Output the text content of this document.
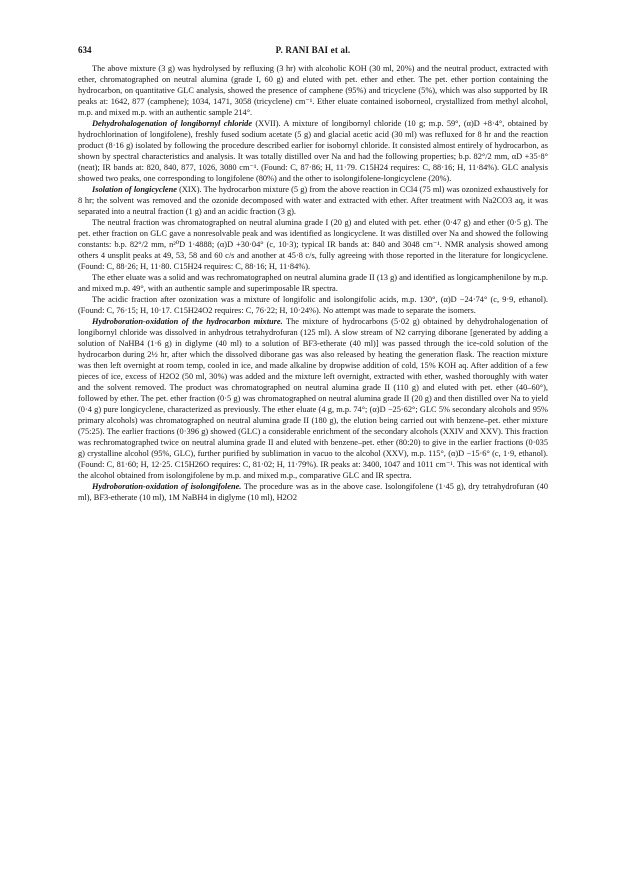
634	P. RANI BAI et al.

The above mixture (3 g) was hydrolysed by refluxing (3 hr) with alcoholic KOH (30 ml, 20%) and the neutral product, extracted with ether, chromatographed on neutral alumina (grade I, 60 g) and eluted with pet. ether and ether. The pet. ether portion containing the hydrocarbon, on quantitative GLC analysis, showed the presence of camphene (95%) and tricyclene (5%), which was also supported by IR peaks at: 1642, 877 (camphene); 1034, 1471, 3058 (tricyclene) cm⁻¹. Ether eluate contained isoborneol, crystallized from methyl alcohol, m.p. and mixed m.p. with an authentic sample 214°.

Dehydrohalogenation of longibornyl chloride (XVII). A mixture of longibornyl chloride (10 g; m.p. 59°, (α)D +8·4°, obtained by hydrochlorination of longifolene), freshly fused sodium acetate (5 g) and glacial acetic acid (30 ml) was refluxed for 8 hr and the reaction product (8·16 g) isolated by following the procedure described earlier for isobornyl chloride. It consisted almost entirely of hydrocarbon, as shown by spectral characteristics and analysis. It was totally distilled over Na and had the following properties; b.p. 82°/2 mm, αD +35·8° (neat); IR bands at: 820, 840, 877, 1026, 3080 cm⁻¹. (Found: C, 87·86; H, 11·79. C15H24 requires: C, 88·16; H, 11·84%). GLC analysis showed two peaks, one corresponding to longifolene (80%) and the other to isolongifolene-longicyclene (20%).

Isolation of longicyclene (XIX). The hydrocarbon mixture (5 g) from the above reaction in CCl4 (75 ml) was ozonized exhaustively for 8 hr; the solvent was removed and the ozonide decomposed with water and extracted with ether. After treatment with Na2CO3 aq, it was separated into a neutral fraction (1 g) and an acidic fraction (3 g).

The neutral fraction was chromatographed on neutral alumina grade I (20 g) and eluted with pet. ether (0·47 g) and ether (0·5 g). The pet. ether fraction on GLC gave a nonresolvable peak and was identified as longicyclene. It was distilled over Na and showed the following constants: b.p. 82°/2 mm, n²⁰D 1·4888; (α)D +30·04° (c, 10·3); typical IR bands at: 840 and 3048 cm⁻¹. NMR analysis showed among others 4 unsplit peaks at 49, 53, 58 and 60 c/s and another at 45·8 c/s, fully agreeing with those reported in the literature for longicyclene. (Found: C, 88·26; H, 11·80. C15H24 requires: C, 88·16; H, 11·84%).

The ether eluate was a solid and was rechromatographed on neutral alumina grade II (13 g) and identified as longicamphenilone by m.p. and mixed m.p. 49°, with an authentic sample and superimposable IR spectra.

The acidic fraction after ozonization was a mixture of longifolic and isolongifolic acids, m.p. 130°, (α)D −24·74° (c, 9·9, ethanol). (Found: C, 76·15; H, 10·17. C15H24O2 requires: C, 76·22; H, 10·24%). No attempt was made to separate the isomers.

Hydroboration-oxidation of the hydrocarbon mixture. The mixture of hydrocarbons (5·02 g) obtained by dehydrohalogenation of longibornyl chloride was dissolved in anhydrous tetrahydrofuran (125 ml). A slow stream of N2 carrying diborane [generated by adding a solution of NaHB4 (1·6 g) in diglyme (40 ml) to a solution of BF3-etherate (40 ml)] was passed through the ice-cold solution of the hydrocarbon during 2½ hr, after which the dissolved diborane gas was also released by heating the generation flask. The reaction mixture was then left overnight at room temp, cooled in ice, and made alkaline by dropwise addition of cold, 15% KOH aq. After addition of a few pieces of ice, excess of H2O2 (50 ml, 30%) was added and the mixture left overnight, extracted with ether, washed thoroughly with water and the solvent removed. The product was chromatographed on neutral alumina grade II (110 g) and eluted with pet. ether (40–60°), followed by ether. The pet. ether fraction (0·5 g) was chromatographed on neutral alumina grade II (20 g) and then distilled over Na to yield (0·4 g) pure longicyclene, characterized as previously. The ether eluate (4 g, m.p. 74°; (α)D −25·62°; GLC 5% secondary alcohols and 95% primary alcohols) was chromatographed on neutral alumina grade II (180 g), the elution being carried out with benzene–pet. ether mixture (75:25). The earlier fractions (0·396 g) showed (GLC) a considerable enrichment of the secondary alcohols (XXIV and XXV). This fraction was rechromatographed twice on neutral alumina grade II and eluted with benzene–pet. ether (80:20) to give in the earlier fractions (0·035 g) crystalline alcohol (95%, GLC), further purified by sublimation in vacuo to the alcohol (XXV), m.p. 115°, (α)D −15·6° (c, 1·9, ethanol). (Found: C, 81·60; H, 12·25. C15H26O requires: C, 81·02; H, 11·79%). IR peaks at: 3400, 1047 and 1011 cm⁻¹. This was not identical with the alcohol obtained from isolongifolene by m.p. and mixed m.p., comparative GLC and IR spectra.

Hydroboration-oxidation of isolongifolene. The procedure was as in the above case. Isolongifolene (1·45 g), dry tetrahydrofuran (40 ml), BF3-etherate (10 ml), 1M NaBH4 in diglyme (10 ml), H2O2
